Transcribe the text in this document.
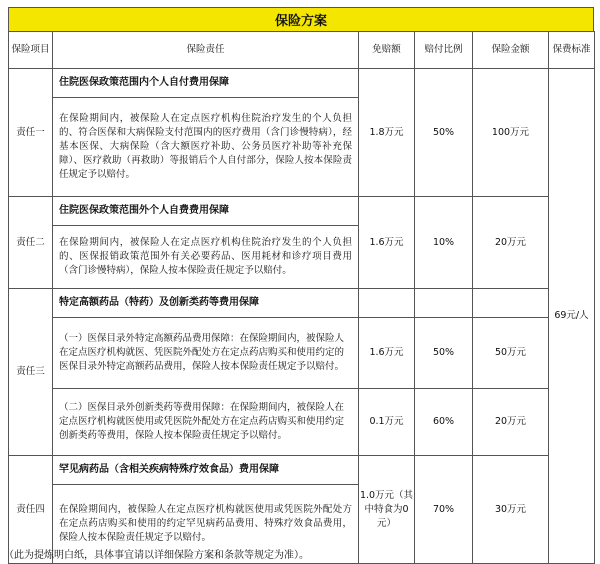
保险方案
保险项目	保险责任	免赔额	赔付比例	保险金额	保费标准
责任一	住院医保政策范围内个人自付费用保障	1.8万元	50%	100万元	69元/人
	在保险期间内，被保险人在定点医疗机构住院治疗发生的个人负担的、符合医保和大病保险支付范围内的医疗费用（含门诊慢特病），经基本医保、大病保险（含大额医疗补助、公务员医疗补助等补充保障）、医疗救助（再救助）等报销后个人自付部分，保险人按本保险责任规定予以赔付。				
责任二	住院医保政策范围外个人自费费用保障	1.6万元	10%	20万元	
	在保险期间内，被保险人在定点医疗机构住院治疗发生的个人负担的、医保报销政策范围外有关必要药品、医用耗材和诊疗项目费用（含门诊慢特病），保险人按本保险责任规定予以赔付。				
责任三	特定高额药品（特药）及创新类药等费用保障				
	（一）医保目录外特定高额药品费用保障：在保险期间内，被保险人在定点医疗机构就医、凭医院外配处方在定点药店购买和使用约定的医保目录外特定高额药品费用，保险人按本保险责任规定予以赔付。	1.6万元	50%	50万元	
	（二）医保目录外创新类药等费用保障：在保险期间内，被保险人在定点医疗机构就医使用或凭医院外配处方在定点药店购买和使用约定创新类药等费用，保险人按本保险责任规定予以赔付。	0.1万元	60%	20万元	
责任四	罕见病药品（含相关疾病特殊疗效食品）费用保障	1.0万元（其中特食为0元）	70%	30万元	
	在保险期间内，被保险人在定点医疗机构就医使用或凭医院外配处方在定点药店购买和使用的约定罕见病药品费用、特殊疗效食品费用，保险人按本保险责任规定予以赔付。				
（此为提炼明白纸，具体事宜请以详细保险方案和条款等规定为准）。
